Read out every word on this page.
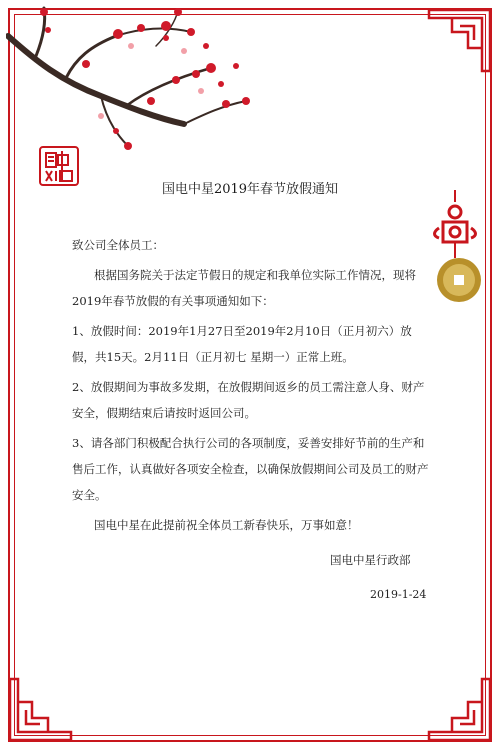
国电中星2019年春节放假通知

致公司全体员工：

根据国务院关于法定节假日的规定和我单位实际工作情况，现将2019年春节放假的有关事项通知如下：

1、放假时间：2019年1月27日至2019年2月10日（正月初六）放假，共15天。2月11日（正月初七 星期一）正常上班。

2、放假期间为事故多发期，在放假期间返乡的员工需注意人身、财产安全，假期结束后请按时返回公司。

3、请各部门积极配合执行公司的各项制度，妥善安排好节前的生产和售后工作，认真做好各项安全检查，以确保放假期间公司及员工的财产安全。

国电中星在此提前祝全体员工新春快乐，万事如意！

国电中星行政部
2019-1-24
